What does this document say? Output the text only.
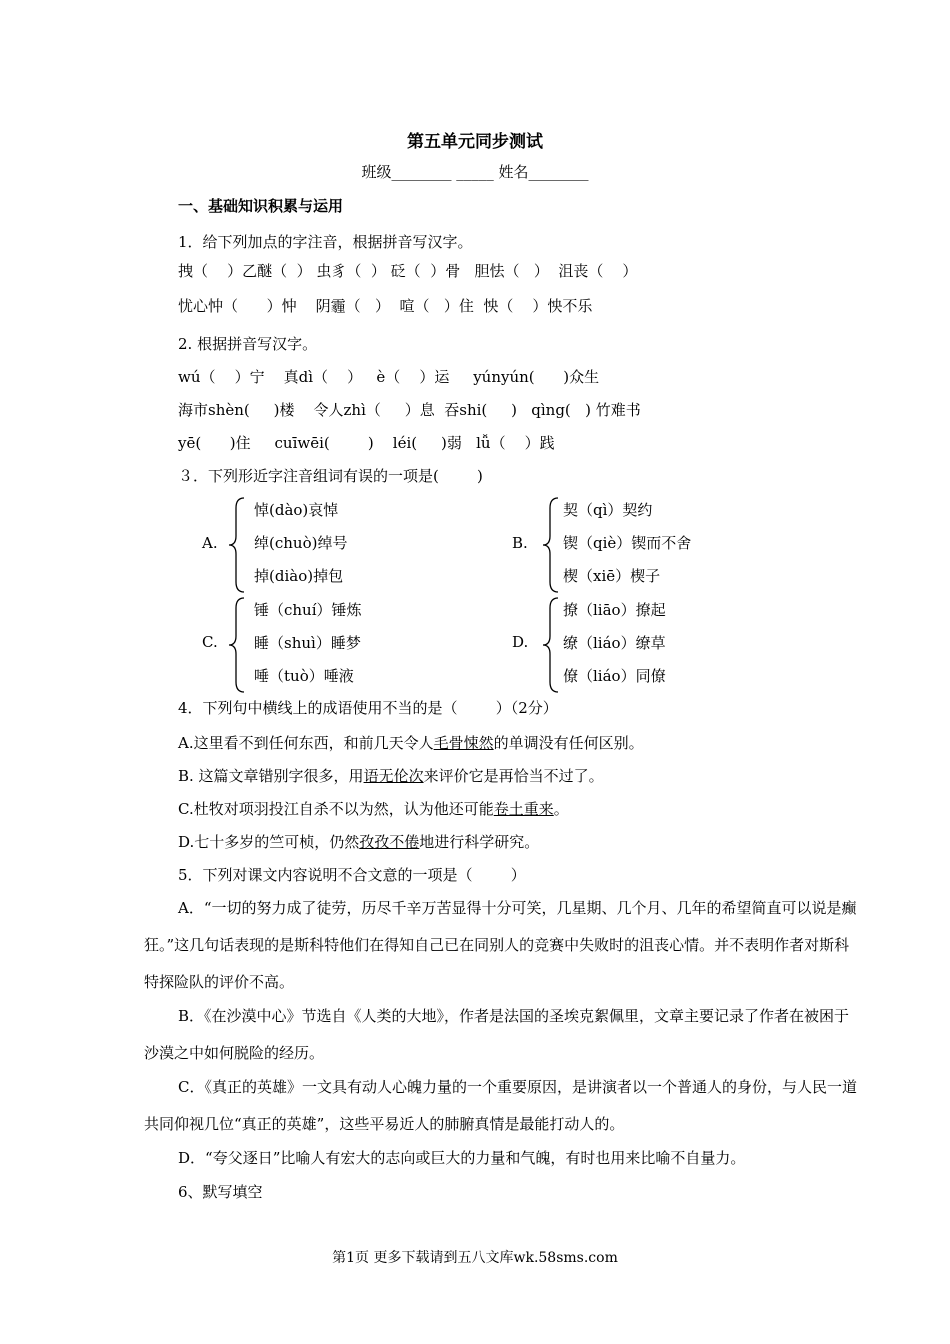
第五单元同步测试
班级________ _____ 姓名________
一、基础知识积累与运用
1．给下列加点的字注音，根据拼音写汉字。
拽（    ）乙醚（  ） 虫豸（  ） 砭（  ）骨   胆怯（   ）  沮丧（    ）
忧心忡（      ）忡    阴霾（   ）  喧（   ）住  怏（    ）怏不乐
2. 根据拼音写汉字。
wú（    ）宁    真dì（    ）   è（    ）运     yúnyún(      )众生
海市shèn(     )楼    令人zhì（     ）息  吞shi(     )   qìng(   ) 竹难书
yē(      )住     cuīwēi(        )    léi(     )弱   lǚ（    ）践
３．下列形近字注音组词有误的一项是(        )
A.
悼(dào)哀悼
绰(chuò)绰号
掉(diào)掉包
B.
契（qì）契约
锲（qiè）锲而不舍
楔（xiē）楔子
C.
锤（chuí）锤炼
睡（shuì）睡梦
唾（tuò）唾液
D.
撩（liāo）撩起
缭（liáo）缭草
僚（liáo）同僚
4．下列句中横线上的成语使用不当的是（        ）（2分）
A.这里看不到任何东西，和前几天令人毛骨悚然的单调没有任何区别。
B. 这篇文章错别字很多，用语无伦次来评价它是再恰当不过了。
C.杜牧对项羽投江自杀不以为然，认为他还可能卷土重来。
D.七十多岁的竺可桢，仍然孜孜不倦地进行科学研究。
5．下列对课文内容说明不合文意的一项是（        ）
A．“一切的努力成了徒劳，历尽千辛万苦显得十分可笑，几星期、几个月、几年的希望简直可以说是癫狂。”这几句话表现的是斯科特他们在得知自己已在同别人的竞赛中失败时的沮丧心情。并不表明作者对斯科特探险队的评价不高。
B．《在沙漠中心》节选自《人类的大地》，作者是法国的圣埃克絮佩里，文章主要记录了作者在被困于沙漠之中如何脱险的经历。
C．《真正的英雄》一文具有动人心魄力量的一个重要原因，是讲演者以一个普通人的身份，与人民一道共同仰视几位“真正的英雄”，这些平易近人的肺腑真情是最能打动人的。
D．“夸父逐日”比喻人有宏大的志向或巨大的力量和气魄，有时也用来比喻不自量力。
6、默写填空
第1页 更多下载请到五八文库wk.58sms.com
